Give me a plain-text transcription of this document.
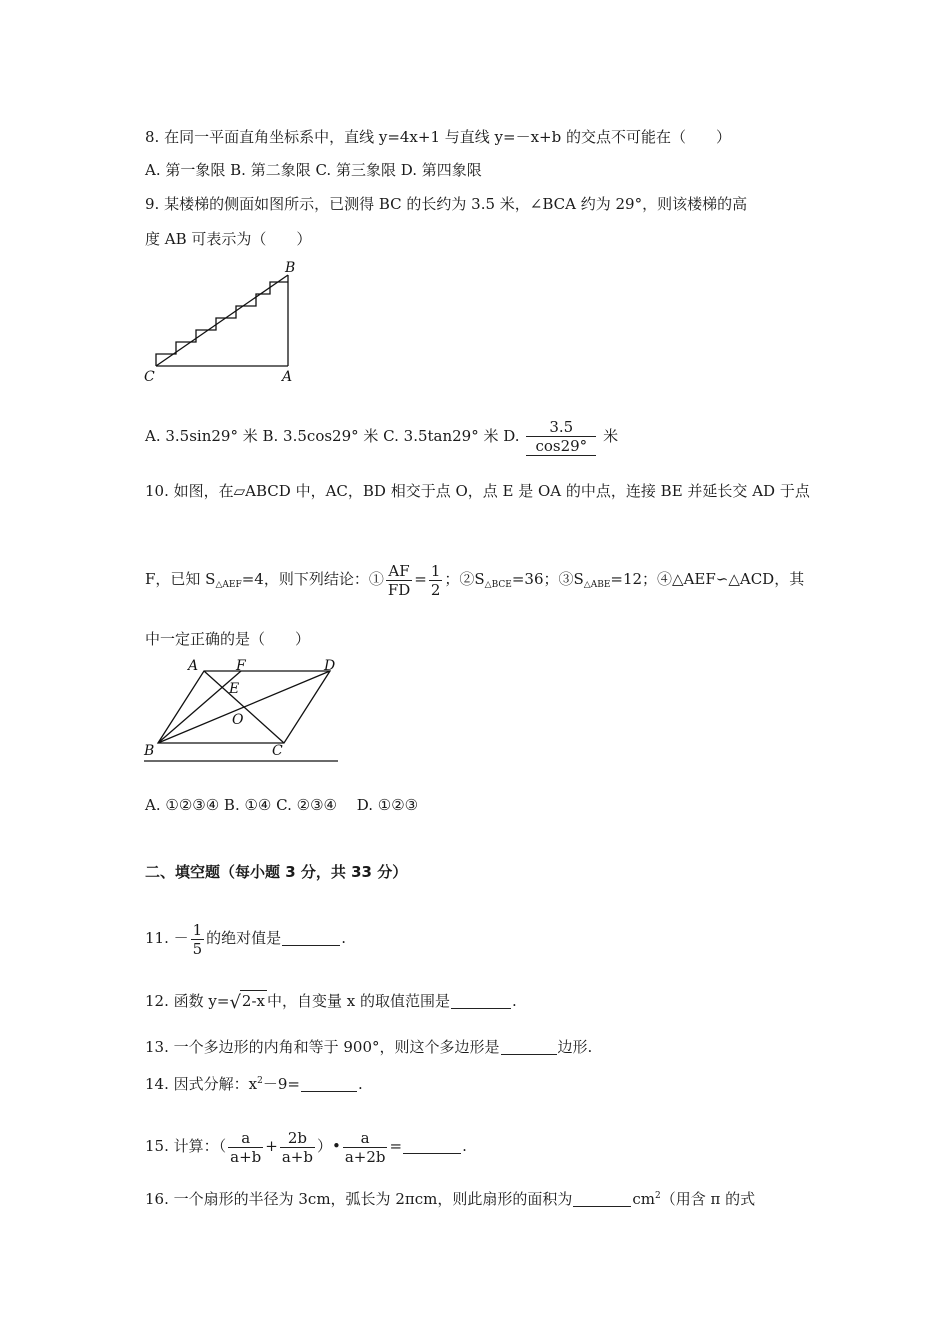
8. 在同一平面直角坐标系中，直线 y=4x+1 与直线 y=－x+b 的交点不可能在（　　）
A. 第一象限 B. 第二象限 C. 第三象限 D. 第四象限
9. 某楼梯的侧面如图所示，已测得 BC 的长约为 3.5 米，∠BCA 约为 29°，则该楼梯的高
度 AB 可表示为（　　）
B
C	A
A. 3.5sin29° 米 B. 3.5cos29° 米 C. 3.5tan29° 米 D. $\frac{3.5}{\cos 29^\circ}$ 米
10. 如图，在▱ABCD 中，AC，BD 相交于点 O，点 E 是 OA 的中点，连接 BE 并延长交 AD 于点
F，已知 $S_{\triangle AEF}=4$，则下列结论：① $\frac{AF}{FD} = \frac{1}{2}$ ；$②S_{\triangle BCE}=36$；$③S_{\triangle ABE}=12$；④△AEF∽△ACD，其
中一定正确的是（　　）
A	F	D
E
O
B	C
A. ①②③④ B. ①④ C. ②③④　 D. ①②③
二、填空题（每小题 3 分，共 33 分）
11. － $\frac{1}{5}$ 的绝对值是	.
12. 函数 y=√2-x 中，自变量 x 的取值范围是	.
13. 一个多边形的内角和等于 900°，则这个多边形是	边形.
14. 因式分解：$x^2-9=$	.
15. 计算：（ $\frac{a}{a+b} + \frac{2b}{a+b}$ ）• $\frac{a}{a+2b}$ =	.
16. 一个扇形的半径为 3cm，弧长为 2πcm，则此扇形的面积为	$cm^2$（用含 π 的式
